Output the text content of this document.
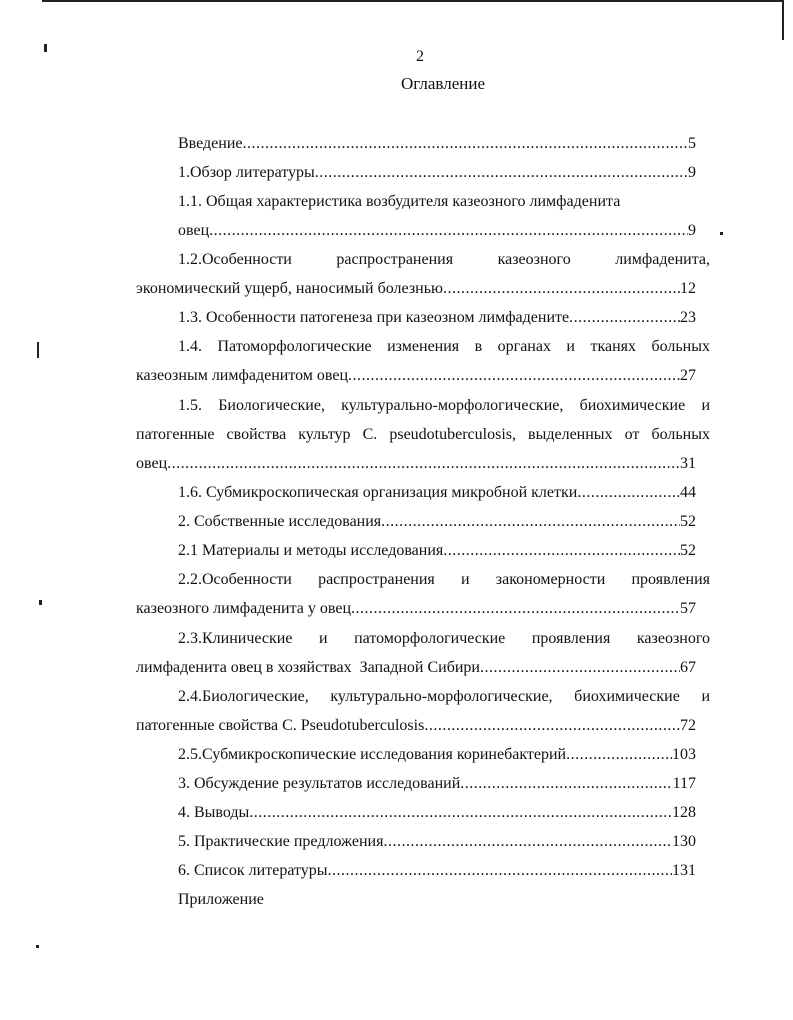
2
Оглавление
Введение .....	5
1.Обзор литературы .....	9
1.1. Общая характеристика возбудителя казеозного лимфаденита
овец .....	9
1.2.Особенности распространения казеозного лимфаденита,
экономический ущерб, наносимый болезнью .....	12
1.3. Особенности патогенеза при казеозном лимфадените .....	23
1.4. Патоморфологические изменения в органах и тканях больных
казеозным лимфаденитом овец .....	27
1.5. Биологические, культурально-морфологические, биохимические и
патогенные свойства культур C. pseudotuberculosis, выделенных от больных
овец .....	31
1.6. Субмикроскопическая организация микробной клетки .....	44
2. Собственные исследования .....	52
2.1 Материалы и методы исследования .....	52
2.2.Особенности распространения и закономерности проявления
казеозного лимфаденита у овец .....	57
2.3.Клинические и патоморфологические проявления казеозного
лимфаденита овец в хозяйствах  Западной Сибири .....	67
2.4.Биологические, культурально-морфологические, биохимические и
патогенные свойства C. Pseudotuberculosis .....	72
2.5.Субмикроскопические исследования коринебактерий .....	103
3. Обсуждение результатов исследований .....	117
4. Выводы .....	128
5. Практические предложения .....	130
6. Список литературы .....	131
Приложение
